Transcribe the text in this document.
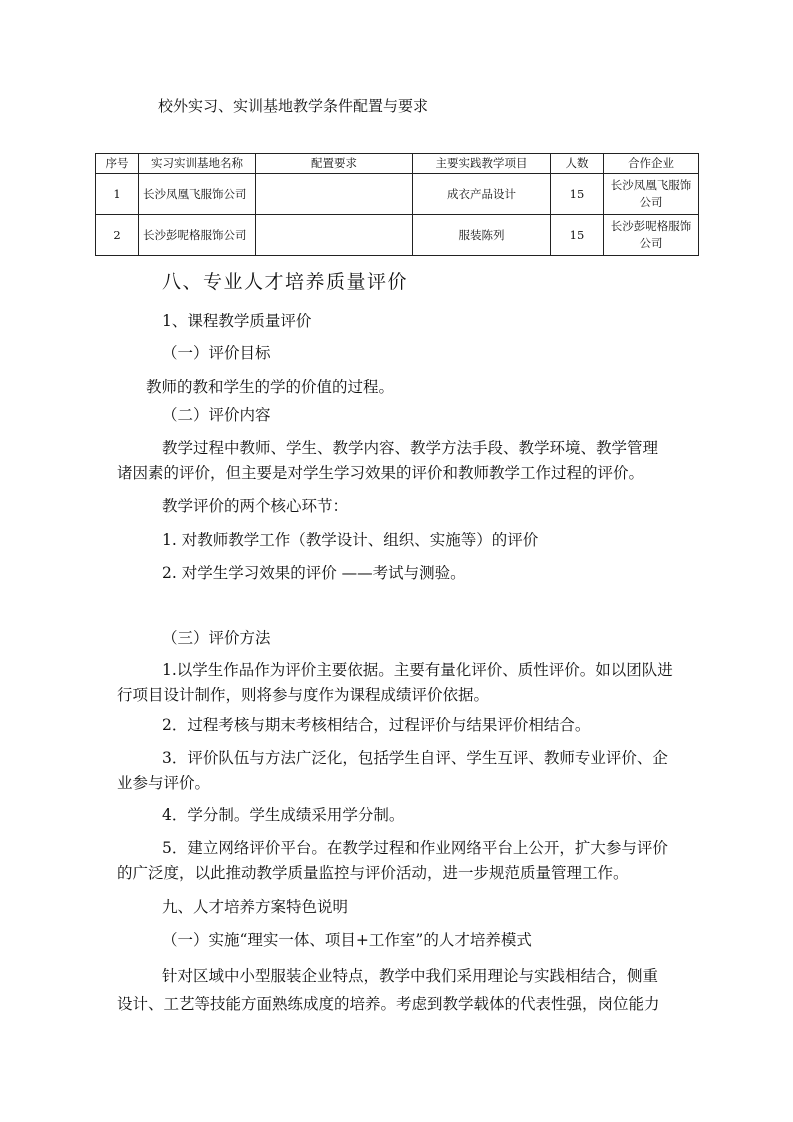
校外实习、实训基地教学条件配置与要求
序号	实习实训基地名称	配置要求	主要实践教学项目	人数	合作企业
1	长沙凤凰飞服饰公司		成衣产品设计	15	长沙凤凰飞服饰
公司

2	长沙彭呢格服饰公司		服装陈列	15	长沙彭呢格服饰
公司
八、专业人才培养质量评价
1、课程教学质量评价
（一）评价目标
教师的教和学生的学的价值的过程。
（二）评价内容
教学过程中教师、学生、教学内容、教学方法手段、教学环境、教学管理
诸因素的评价，但主要是对学生学习效果的评价和教师教学工作过程的评价。
教学评价的两个核心环节：
1. 对教师教学工作（教学设计、组织、实施等）的评价
2. 对学生学习效果的评价 ——考试与测验。
（三）评价方法
1.以学生作品作为评价主要依据。主要有量化评价、质性评价。如以团队进
行项目设计制作，则将参与度作为课程成绩评价依据。
2．过程考核与期末考核相结合，过程评价与结果评价相结合。
3．评价队伍与方法广泛化，包括学生自评、学生互评、教师专业评价、企
业参与评价。
4．学分制。学生成绩采用学分制。
5．建立网络评价平台。在教学过程和作业网络平台上公开，扩大参与评价
的广泛度，以此推动教学质量监控与评价活动，进一步规范质量管理工作。
九、人才培养方案特色说明
（一）实施“理实一体、项目+工作室”的人才培养模式
针对区域中小型服装企业特点，教学中我们采用理论与实践相结合，侧重
设计、工艺等技能方面熟练成度的培养。考虑到教学载体的代表性强，岗位能力
